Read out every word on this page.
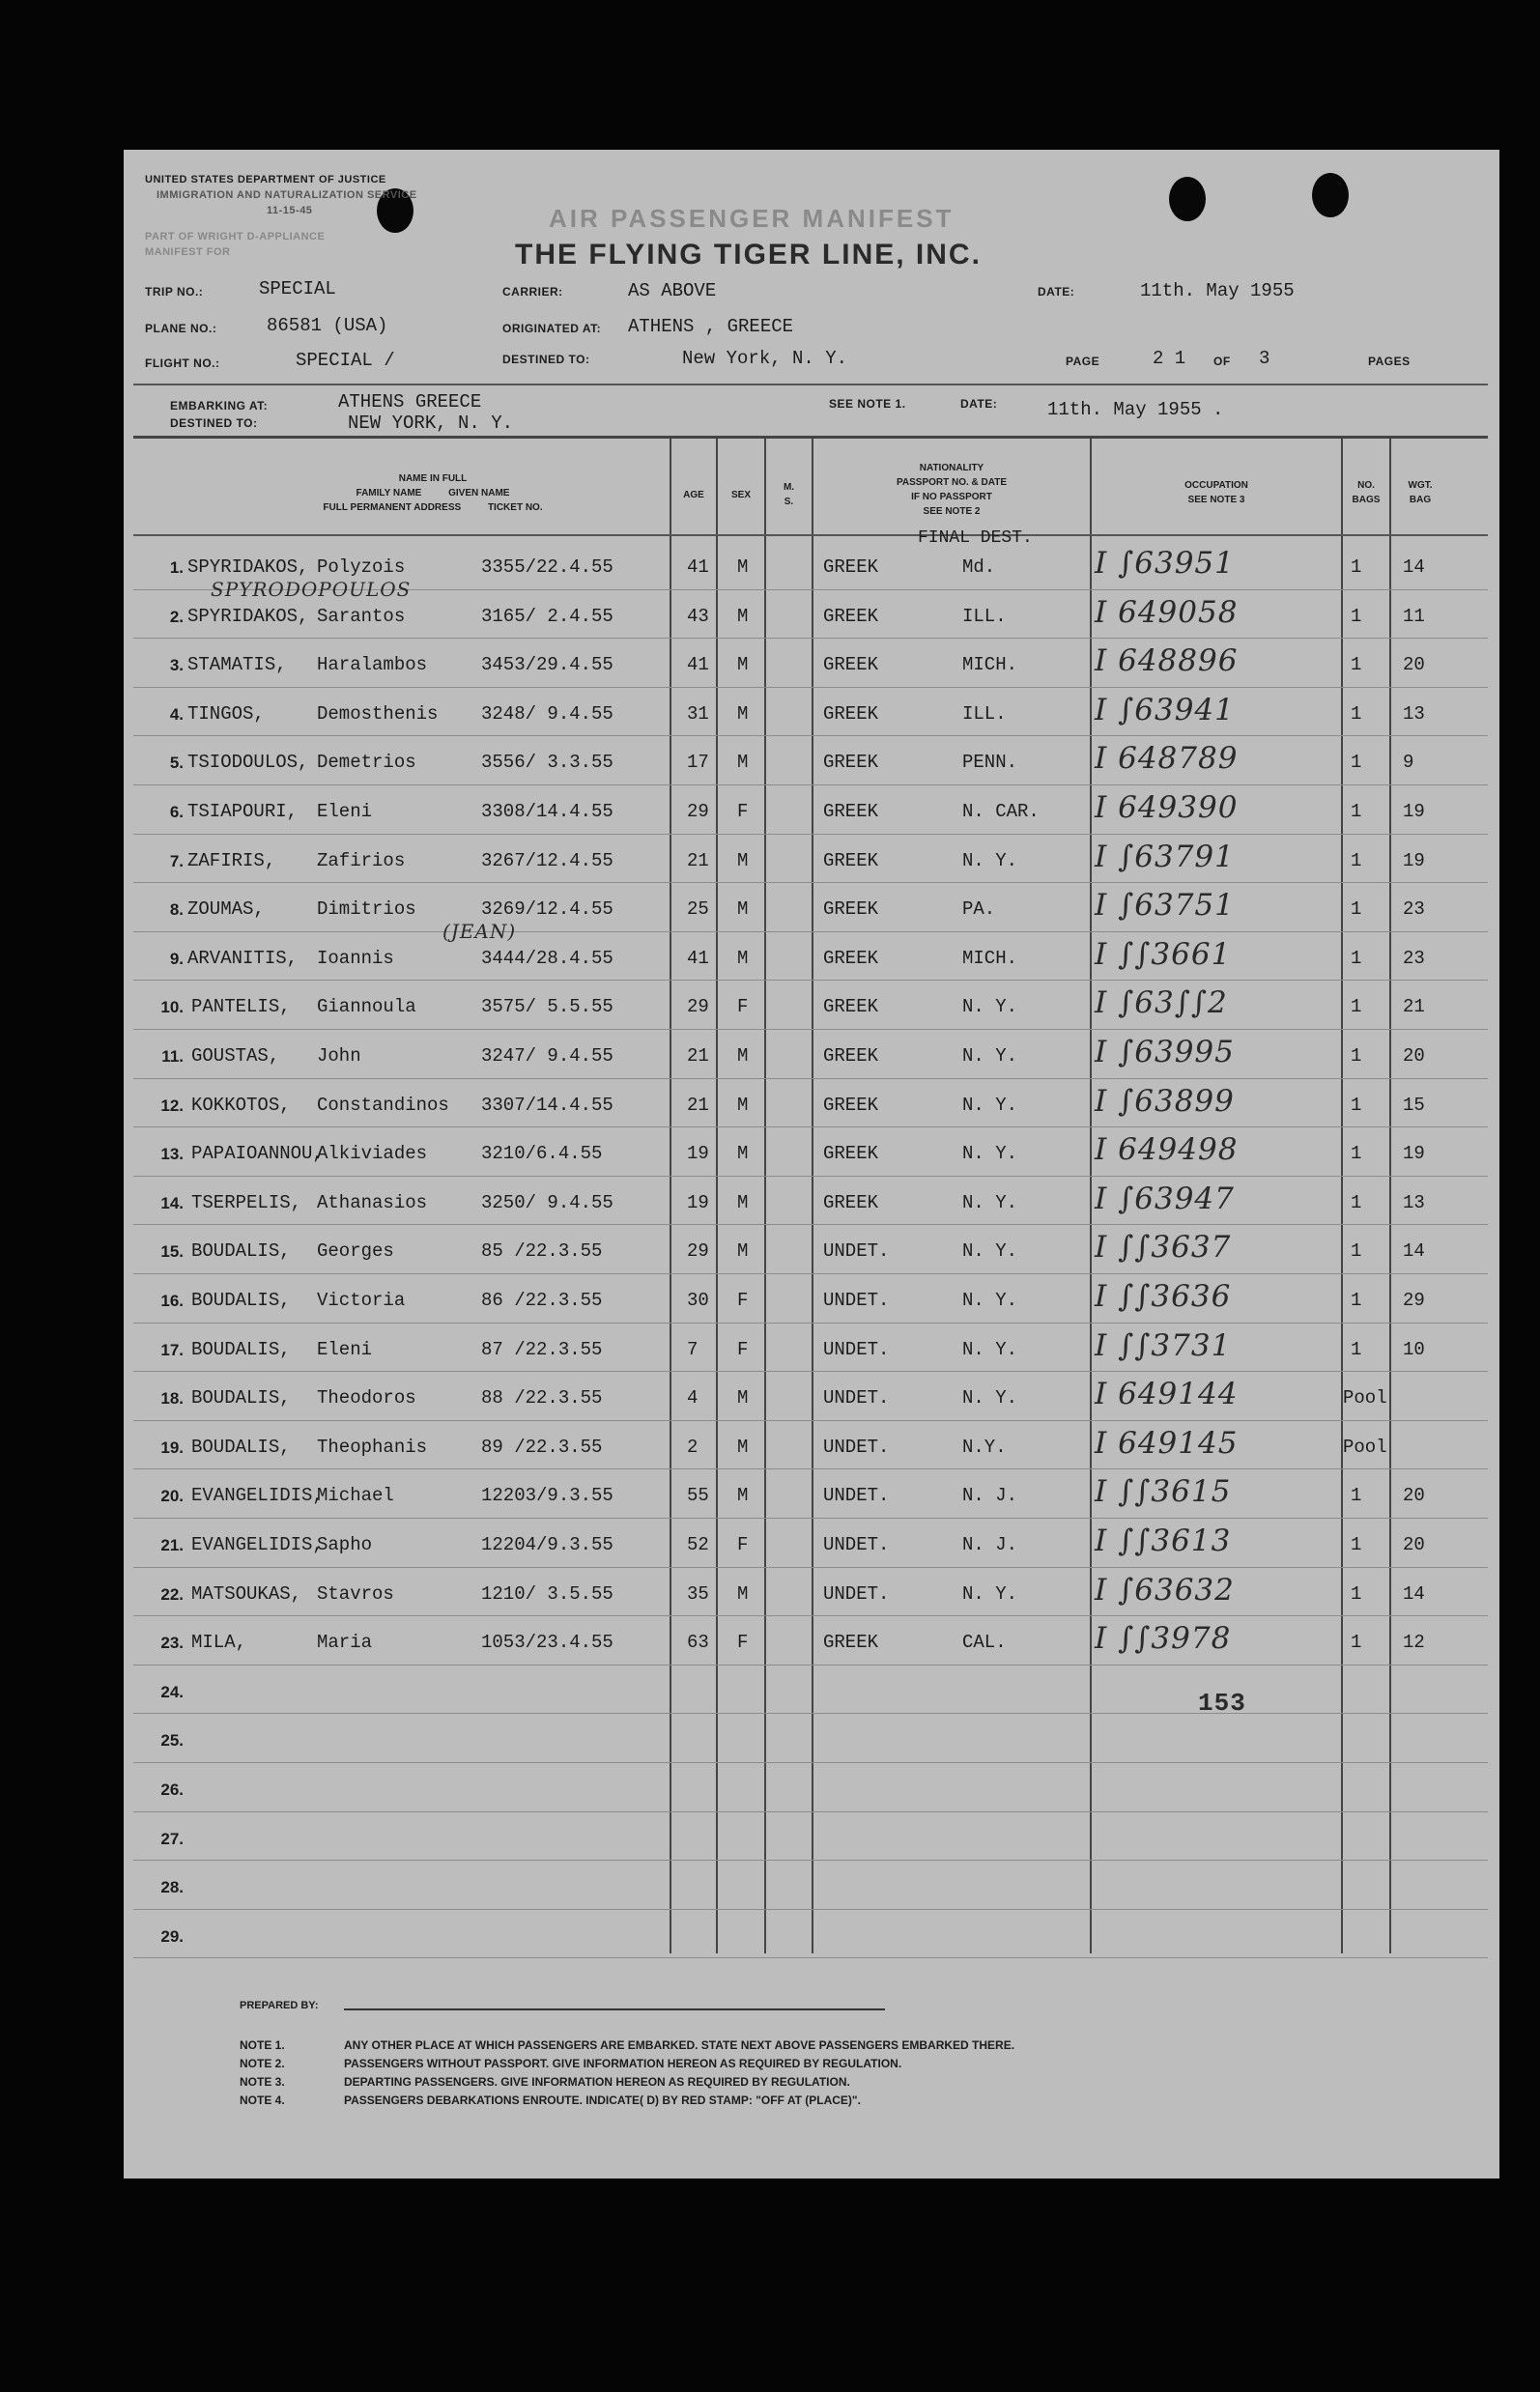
UNITED STATES DEPARTMENT OF JUSTICE
IMMIGRATION AND NATURALIZATION SERVICE
11-15-45
PART OF WRIGHT D-APPLIANCE
MANIFEST FOR
AIR PASSENGER MANIFEST
THE FLYING TIGER LINE, INC.
TRIP NO.:	SPECIAL	CARRIER:	AS ABOVE	DATE:	11th. May 1955
PLANE NO.:	86581 (USA)	ORIGINATED AT: ATHENS , GREECE
FLIGHT NO.:	SPECIAL /	DESTINED TO:	New York, N. Y.	PAGE	2 1 OF 3	PAGES
EMBARKING AT:	ATHENS GREECE
DESTINED TO:	NEW YORK, N. Y.
SEE NOTE 1.	DATE:	11th. May 1955 .
NAME IN FULL
FAMILY NAME          GIVEN NAME
FULL PERMANENT ADDRESS          TICKET NO.
AGE	SEX
M.
S.
NATIONALITY
PASSPORT NO. & DATE
IF NO PASSPORT
SEE NOTE 2
OCCUPATION
SEE NOTE 3
NO.
BAGS
WGT.
BAG
FINAL DEST.
1. SPYRIDAKOS, Polyzois	3355/22.4.55	41 M	GREEK	Md.	I ∫63951	1 14
2. SPYRIDAKOS, Sarantos	3165/ 2.4.55	43 M	GREEK	ILL.	I 649058	1 11
SPYRODOPOULOS
3. STAMATIS, Haralambos	3453/29.4.55	41 M	GREEK	MICH.	I 648896	1 20
4. TINGOS,	Demosthenis 3248/ 9.4.55	31 M	GREEK	ILL.	I ∫63941	1 13
5. TSIODOULOS, Demetrios	3556/ 3.3.55	17 M	GREEK	PENN.	I 648789	1 9
6. TSIAPOURI, Eleni	3308/14.4.55	29 F	GREEK	N. CAR. I 649390	1 19
7. ZAFIRIS, Zafirios	3267/12.4.55	21 M	GREEK	N. Y.	I ∫63791	1 19
8. ZOUMAS,	Dimitrios	3269/12.4.55	25 M	GREEK	PA.	I ∫63751	1 23
9. ARVANITIS, Ioannis	3444/28.4.55	41 M	GREEK	MICH.	I ∫∫3661	1 23
(JEAN)
10. PANTELIS, Giannoula	3575/ 5.5.55	29 F	GREEK	N. Y.	I ∫63∫∫2	1 21
11. GOUSTAS, John	3247/ 9.4.55	21 M	GREEK	N. Y.	I ∫63995	1 20
12. KOKKOTOS, Constandinos 3307/14.4.55	21 M	GREEK	N. Y.	I ∫63899	1 15
13. PAPAIOANNOU,
Alkiviades	3210/6.4.55	19 M	GREEK	N. Y.	I 649498	1 19
14. TSERPELIS, Athanasios	3250/ 9.4.55	19 M	GREEK	N. Y.	I ∫63947	1 13
15. BOUDALIS, Georges	85 /22.3.55	29 M	UNDET.	N. Y.	I ∫∫3637	1 14
16. BOUDALIS, Victoria	86 /22.3.55	30 F	UNDET.	N. Y.	I ∫∫3636	1 29
17. BOUDALIS, Eleni	87 /22.3.55	7 F	UNDET.	N. Y.	I ∫∫3731	1 10
18. BOUDALIS, Theodoros	88 /22.3.55	4 M	UNDET.	N. Y.	I 649144	Pool
19. BOUDALIS, Theophanis	89 /22.3.55	2 M	UNDET.	N.Y.	I 649145	Pool
20. EVANGELIDIS,
Michael	12203/9.3.55	55 M	UNDET.	N. J.	I ∫∫3615	1 20
21. EVANGELIDIS,
Sapho	12204/9.3.55	52 F	UNDET.	N. J.	I ∫∫3613	1 20
22. MATSOUKAS, Stavros	1210/ 3.5.55	35 M	UNDET.	N. Y.	I ∫63632	1 14
23. MILA,	Maria	1053/23.4.55	63 F	GREEK	CAL.	I ∫∫3978	1 12
24.
25.
26.
27.
28.
29.
153
PREPARED BY:
NOTE 1.	ANY OTHER PLACE AT WHICH PASSENGERS ARE EMBARKED. STATE NEXT ABOVE PASSENGERS EMBARKED THERE.
NOTE 2.	PASSENGERS WITHOUT PASSPORT. GIVE INFORMATION HEREON AS REQUIRED BY REGULATION.
NOTE 3.	DEPARTING PASSENGERS. GIVE INFORMATION HEREON AS REQUIRED BY REGULATION.
NOTE 4.	PASSENGERS DEBARKATIONS ENROUTE. INDICATE( D) BY RED STAMP: "OFF AT (PLACE)".
